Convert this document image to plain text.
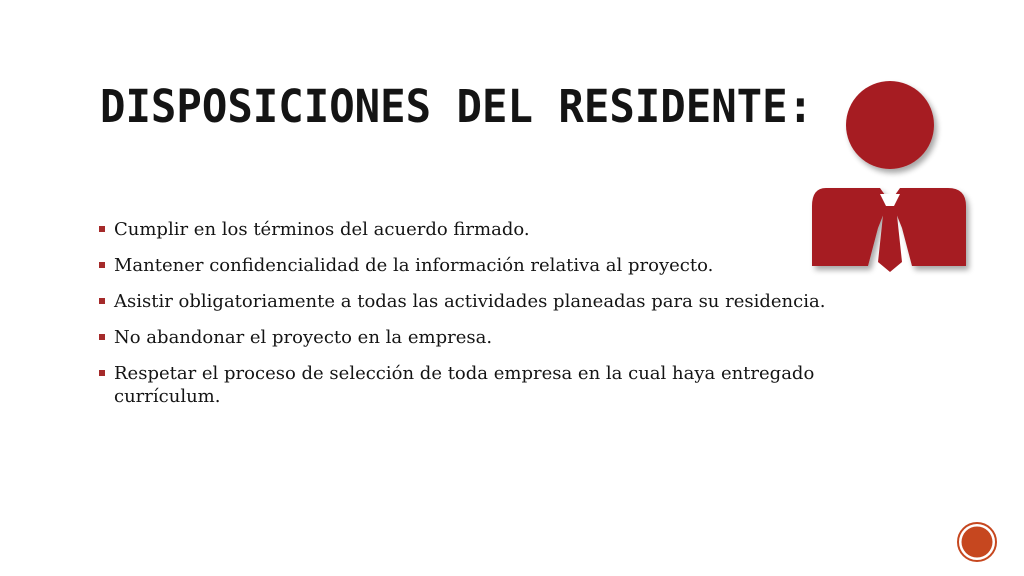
DISPOSICIONES DEL RESIDENTE:
Cumplir en los términos del acuerdo firmado.
Mantener confidencialidad de la información relativa al proyecto.
Asistir obligatoriamente a todas las actividades planeadas para su residencia.
No abandonar el proyecto en la empresa.
Respetar el proceso de selección de toda empresa en la cual haya entregado currículum.
